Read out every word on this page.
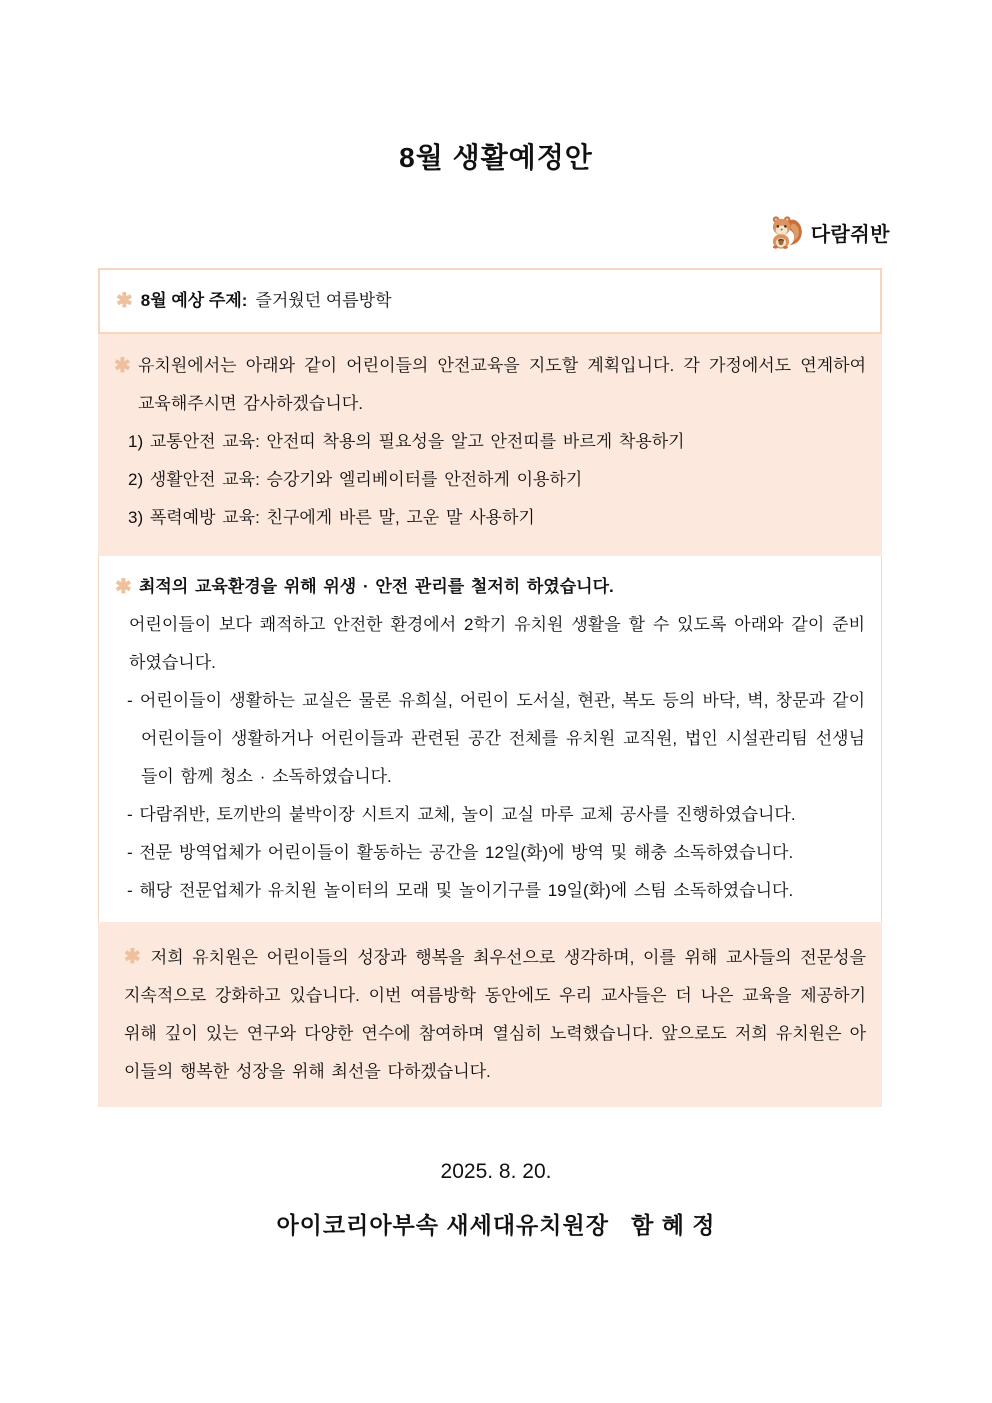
8월 생활예정안
다람쥐반

✱ 8월 예상 주제: 즐거웠던 여름방학

✱ 유치원에서는 아래와 같이 어린이들의 안전교육을 지도할 계획입니다. 각 가정에서도 연계하여 교육해주시면 감사하겠습니다.

1) 교통안전 교육: 안전띠 착용의 필요성을 알고 안전띠를 바르게 착용하기

2) 생활안전 교육: 승강기와 엘리베이터를 안전하게 이용하기

3) 폭력예방 교육: 친구에게 바른 말, 고운 말 사용하기

✱ 최적의 교육환경을 위해 위생 · 안전 관리를 철저히 하였습니다.

어린이들이 보다 쾌적하고 안전한 환경에서 2학기 유치원 생활을 할 수 있도록 아래와 같이 준비하였습니다.

- 어린이들이 생활하는 교실은 물론 유희실, 어린이 도서실, 현관, 복도 등의 바닥, 벽, 창문과 같이 어린이들이 생활하거나 어린이들과 관련된 공간 전체를 유치원 교직원, 법인 시설관리팀 선생님들이 함께 청소 · 소독하였습니다.

- 다람쥐반, 토끼반의 붙박이장 시트지 교체, 놀이 교실 마루 교체 공사를 진행하였습니다.

- 전문 방역업체가 어린이들이 활동하는 공간을 12일(화)에 방역 및 해충 소독하였습니다.

- 해당 전문업체가 유치원 놀이터의 모래 및 놀이기구를 19일(화)에 스팀 소독하였습니다.

✱ 저희 유치원은 어린이들의 성장과 행복을 최우선으로 생각하며, 이를 위해 교사들의 전문성을 지속적으로 강화하고 있습니다. 이번 여름방학 동안에도 우리 교사들은 더 나은 교육을 제공하기 위해 깊이 있는 연구와 다양한 연수에 참여하며 열심히 노력했습니다. 앞으로도 저희 유치원은 아이들의 행복한 성장을 위해 최선을 다하겠습니다.

2025. 8. 20.

아이코리아부속 새세대유치원장   함 혜 정
